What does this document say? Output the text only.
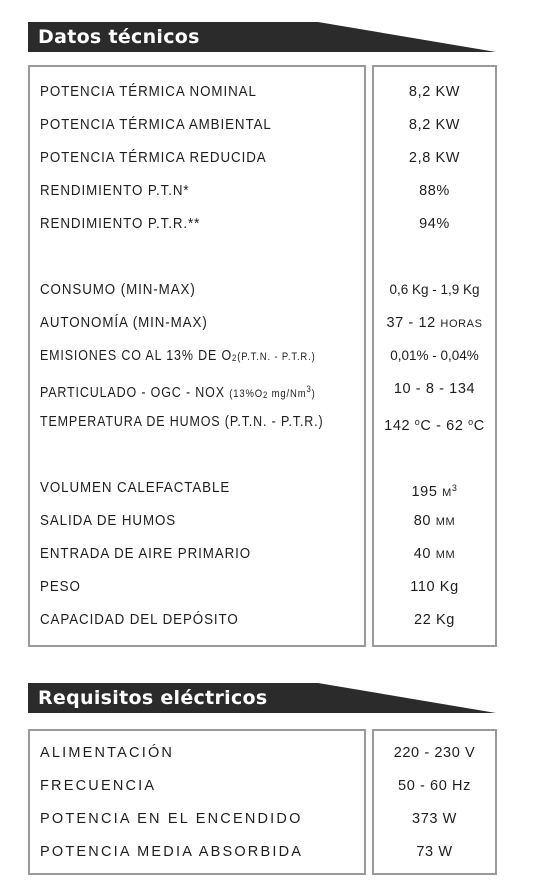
Datos técnicos
POTENCIA TÉRMICA NOMINAL
POTENCIA TÉRMICA AMBIENTAL
POTENCIA TÉRMICA REDUCIDA
RENDIMIENTO P.T.N*
RENDIMIENTO P.T.R.**
CONSUMO (MIN-MAX)
AUTONOMÍA (MIN-MAX)
EMISIONES CO AL 13% DE O2(P.T.N. - P.T.R.)
PARTICULADO - OGC - NOX (13%O2 mg/Nm$^3$)
TEMPERATURA DE HUMOS (P.T.N. - P.T.R.)
VOLUMEN CALEFACTABLE
SALIDA DE HUMOS
ENTRADA DE AIRE PRIMARIO
PESO
CAPACIDAD DEL DEPÓSITO
8,2 KW
8,2 KW
2,8 KW
88%
94%
0,6 Kg - 1,9 Kg
37 - 12 HORAS
0,01% - 0,04%
10 - 8 - 134
142 $^o$C - 62 $^o$C
195 $M^3$
80 MM
40 MM
110 Kg
22 Kg
Requisitos eléctricos
ALIMENTACIÓN
FRECUENCIA
POTENCIA EN EL ENCENDIDO
POTENCIA MEDIA ABSORBIDA
220 - 230 V
50 - 60 Hz
373 W
73 W
